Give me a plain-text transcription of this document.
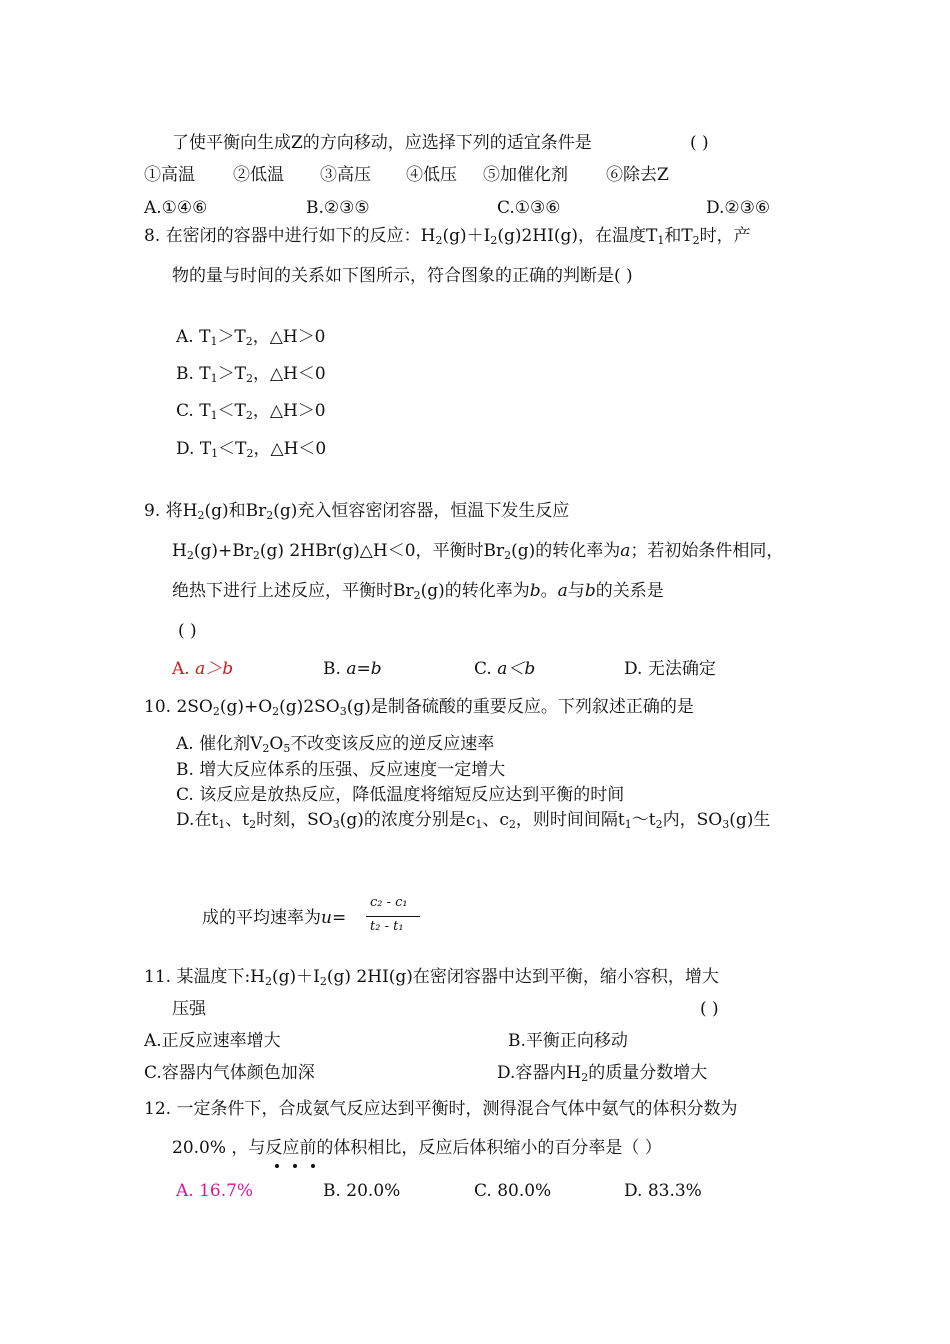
了使平衡向生成Z的方向移动，应选择下列的适宜条件是	( )
①高温 ②低温 ③高压 ④低压 ⑤加催化剂 ⑥除去Z
A.①④⑥	B.②③⑤	C.①③⑥	D.②③⑥
8. 在密闭的容器中进行如下的反应：$H_2(g)+I_2(g)2HI(g)$，在温度$T_1$和$T_2$时，产
物的量与时间的关系如下图所示，符合图象的正确的判断是( )
A. $T_1>T_2$，△H＞0
B. $T_1>T_2$，△H＜0
C. $T_1<T_2$，△H＞0
D. $T_1<T_2$，△H＜0
9. 将$H_2(g)$和$Br_2(g)$充入恒容密闭容器，恒温下发生反应
$H_2(g)+Br_2(g)$ 2HBr(g)△H＜0，平衡时$Br_2(g)$的转化率为a；若初始条件相同，
绝热下进行上述反应，平衡时$Br_2(g)$的转化率为b。a与b的关系是
( )
A. a＞b	B. a=b	C. a＜b	D. 无法确定
10. $2SO_2(g)+O_2(g)2SO_3(g)$是制备硫酸的重要反应。下列叙述正确的是
A. 催化剂$V_2O_5$不改变该反应的逆反应速率
B. 增大反应体系的压强、反应速度一定增大
C. 该反应是放热反应，降低温度将缩短反应达到平衡的时间
D.在$t_1$、$t_2$时刻，$SO_3(g)$的浓度分别是$c_1$、$c_2$，则时间间隔$t_1\sim t_2$内，$SO_3(g)$生
成的平均速率为u=
c₂ - c₁
t₂ - t₁
11. 某温度下$:H_2(g)+I_2(g)$ 2HI(g)在密闭容器中达到平衡，缩小容积，增大
压强	( )
A.正反应速率增大	B.平衡正向移动
C.容器内气体颜色加深	D.容器内$H_2$的质量分数增大
12. 一定条件下，合成氨气反应达到平衡时，测得混合气体中氨气的体积分数为
20.0% ，与反应前的体积相比，反应后体积缩小的百分率是（ ）
A. 16.7%	B. 20.0%	C. 80.0%	D. 83.3%
